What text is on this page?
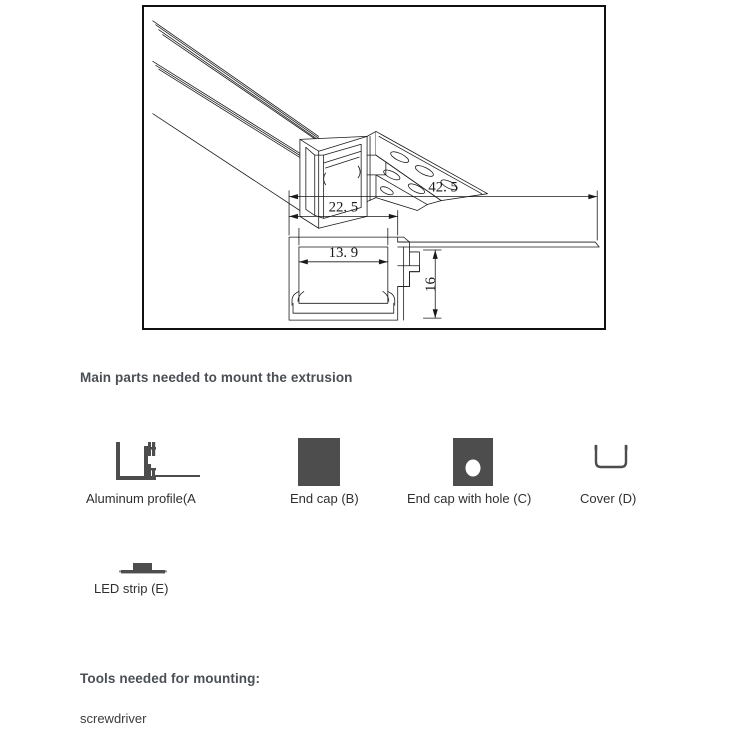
42. 5
22. 5
13. 9
16
Main parts needed to mount the extrusion
Aluminum profile(A	End cap (B)	End cap with hole (C)	Cover (D)
LED strip (E)
Tools needed for mounting:
screwdriver
